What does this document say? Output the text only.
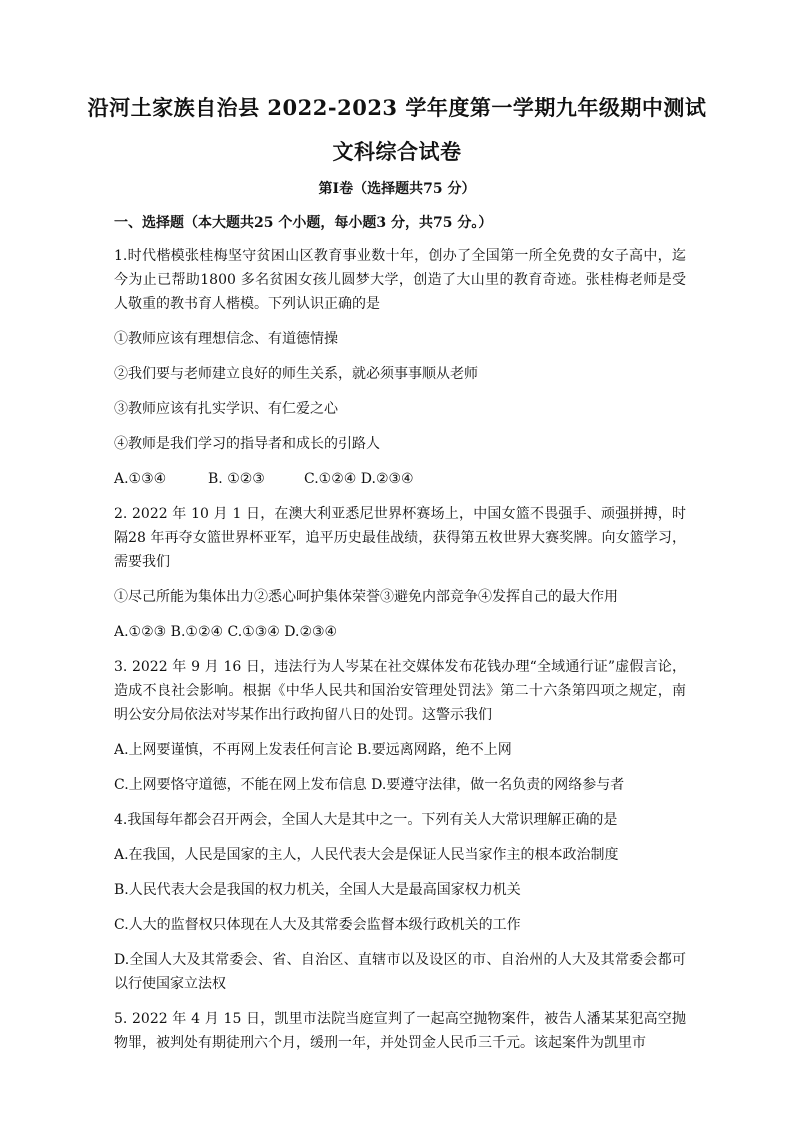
沿河土家族自治县 2022-2023 学年度第一学期九年级期中测试
文科综合试卷
第I卷（选择题共75 分）
一、选择题（本大题共25 个小题，每小题3 分，共75 分。）
1.时代楷模张桂梅坚守贫困山区教育事业数十年，创办了全国第一所全免费的女子高中，迄今为止已帮助1800 多名贫困女孩儿圆梦大学，创造了大山里的教育奇迹。张桂梅老师是受人敬重的教书育人楷模。下列认识正确的是
①教师应该有理想信念、有道德情操
②我们要与老师建立良好的师生关系，就必须事事顺从老师
③教师应该有扎实学识、有仁爱之心
④教师是我们学习的指导者和成长的引路人
A.①③④	B. ①②③	C.①②④ D.②③④
2. 2022 年 10 月 1 日，在澳大利亚悉尼世界杯赛场上，中国女篮不畏强手、顽强拼搏，时隔28 年再夺女篮世界杯亚军，追平历史最佳战绩，获得第五枚世界大赛奖牌。向女篮学习，需要我们
①尽己所能为集体出力②悉心呵护集体荣誉③避免内部竞争④发挥自己的最大作用
A.①②③ B.①②④ C.①③④ D.②③④
3. 2022 年 9 月 16 日，违法行为人岑某在社交媒体发布花钱办理“全域通行证”虚假言论，造成不良社会影响。根据《中华人民共和国治安管理处罚法》第二十六条第四项之规定，南明公安分局依法对岑某作出行政拘留八日的处罚。这警示我们
A.上网要谨慎，不再网上发表任何言论 B.要远离网路，绝不上网
C.上网要恪守道德，不能在网上发布信息 D.要遵守法律，做一名负责的网络参与者
4.我国每年都会召开两会，全国人大是其中之一。下列有关人大常识理解正确的是
A.在我国，人民是国家的主人，人民代表大会是保证人民当家作主的根本政治制度
B.人民代表大会是我国的权力机关，全国人大是最高国家权力机关
C.人大的监督权只体现在人大及其常委会监督本级行政机关的工作
D.全国人大及其常委会、省、自治区、直辖市以及设区的市、自治州的人大及其常委会都可以行使国家立法权
5. 2022 年 4 月 15 日，凯里市法院当庭宣判了一起高空抛物案件，被告人潘某某犯高空抛物罪，被判处有期徒刑六个月，缓刑一年，并处罚金人民币三千元。该起案件为凯里市
